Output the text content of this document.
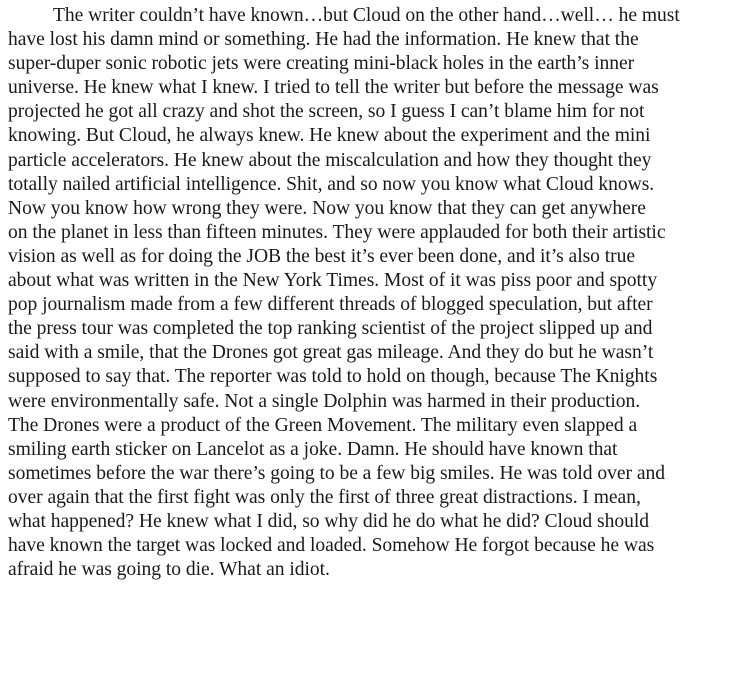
The writer couldn’t have known…but Cloud on the other hand…well… he must
have lost his damn mind or something. He had the information. He knew that the
super-duper sonic robotic jets were creating mini-black holes in the earth’s inner
universe. He knew what I knew. I tried to tell the writer but before the message was
projected he got all crazy and shot the screen, so I guess I can’t blame him for not
knowing. But Cloud, he always knew. He knew about the experiment and the mini
particle accelerators. He knew about the miscalculation and how they thought they
totally nailed artificial intelligence. Shit, and so now you know what Cloud knows.
Now you know how wrong they were. Now you know that they can get anywhere
on the planet in less than fifteen minutes. They were applauded for both their artistic
vision as well as for doing the JOB the best it’s ever been done, and it’s also true
about what was written in the New York Times. Most of it was piss poor and spotty
pop journalism made from a few different threads of blogged speculation, but after
the press tour was completed the top ranking scientist of the project slipped up and
said with a smile, that the Drones got great gas mileage. And they do but he wasn’t
supposed to say that. The reporter was told to hold on though, because The Knights
were environmentally safe. Not a single Dolphin was harmed in their production.
The Drones were a product of the Green Movement. The military even slapped a
smiling earth sticker on Lancelot as a joke. Damn. He should have known that
sometimes before the war there’s going to be a few big smiles. He was told over and
over again that the first fight was only the first of three great distractions. I mean,
what happened? He knew what I did, so why did he do what he did? Cloud should
have known the target was locked and loaded. Somehow He forgot because he was
afraid he was going to die. What an idiot.
